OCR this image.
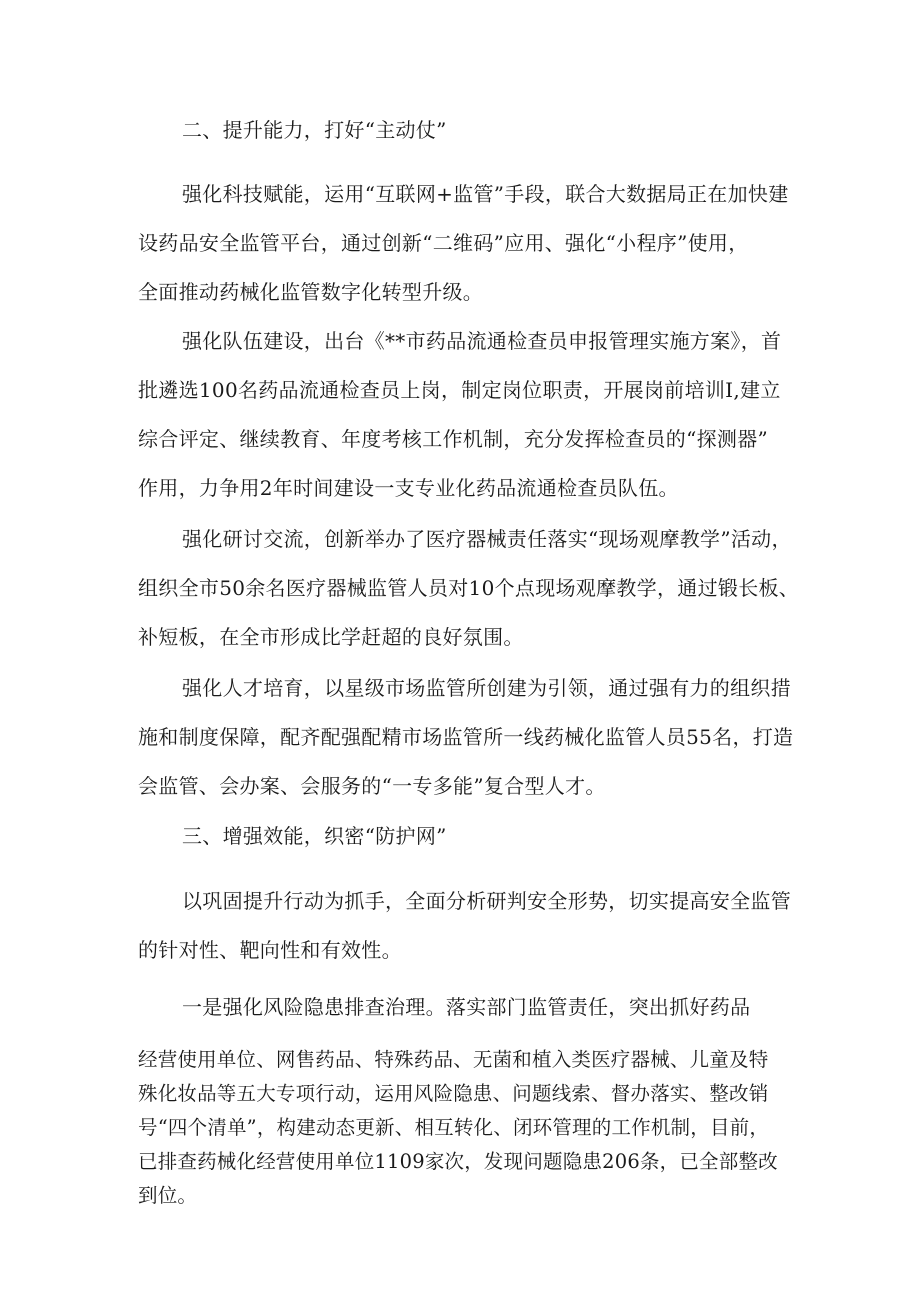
二、提升能力，打好“主动仗”
强化科技赋能，运用“互联网+监管”手段，联合大数据局正在加快建
设药品安全监管平台，通过创新“二维码”应用、强化“小程序”使用，
全面推动药械化监管数字化转型升级。
强化队伍建设，出台《**市药品流通检查员申报管理实施方案》，首
批遴选100名药品流通检查员上岗，制定岗位职责，开展岗前培训I,建立
综合评定、继续教育、年度考核工作机制，充分发挥检查员的“探测器”
作用，力争用2年时间建设一支专业化药品流通检查员队伍。
强化研讨交流，创新举办了医疗器械责任落实“现场观摩教学”活动，
组织全市50余名医疗器械监管人员对10个点现场观摩教学，通过锻长板、
补短板，在全市形成比学赶超的良好氛围。
强化人才培育，以星级市场监管所创建为引领，通过强有力的组织措
施和制度保障，配齐配强配精市场监管所一线药械化监管人员55名，打造
会监管、会办案、会服务的“一专多能”复合型人才。
三、增强效能，织密“防护网”
以巩固提升行动为抓手，全面分析研判安全形势，切实提高安全监管
的针对性、靶向性和有效性。
一是强化风险隐患排查治理。落实部门监管责任，突出抓好药品
经营使用单位、网售药品、特殊药品、无菌和植入类医疗器械、儿童及特
殊化妆品等五大专项行动，运用风险隐患、问题线索、督办落实、整改销
号“四个清单”，构建动态更新、相互转化、闭环管理的工作机制，目前，
已排查药械化经营使用单位1109家次，发现问题隐患206条，已全部整改
到位。
